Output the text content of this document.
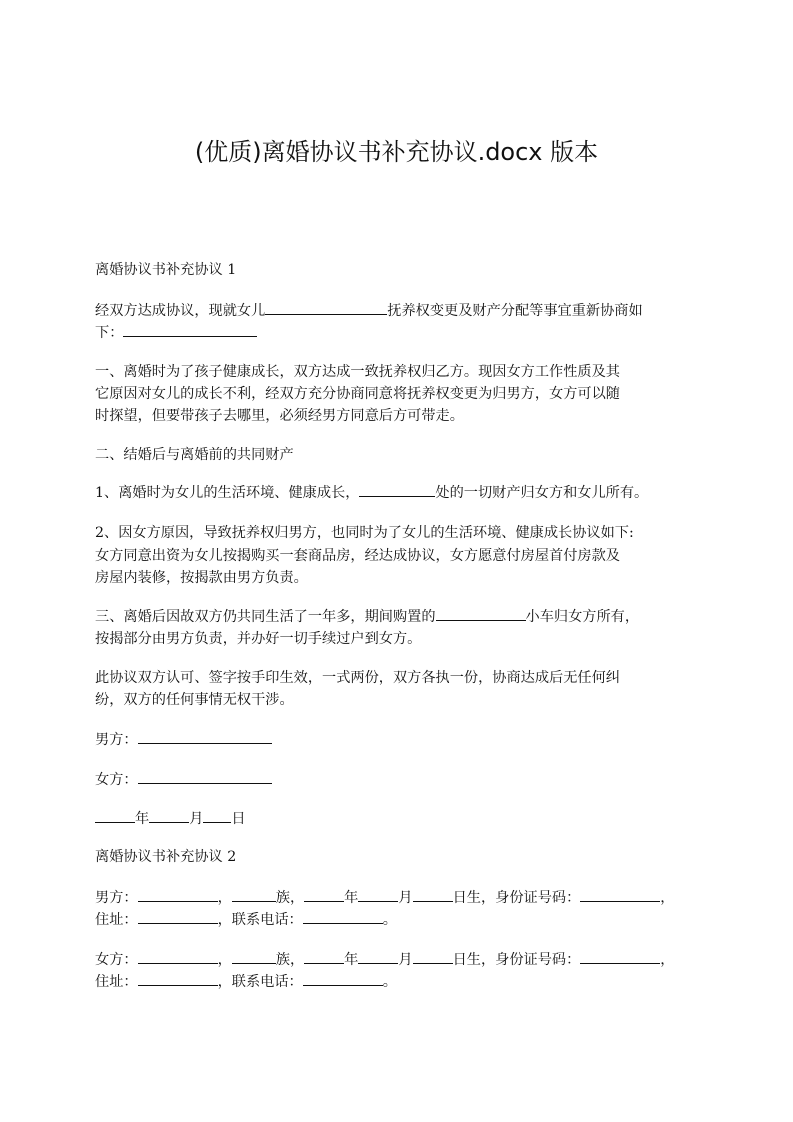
(优质)离婚协议书补充协议.docx 版本
离婚协议书补充协议 1
经双方达成协议，现就女儿	抚养权变更及财产分配等事宜重新协商如
下：
一、离婚时为了孩子健康成长，双方达成一致抚养权归乙方。现因女方工作性质及其
它原因对女儿的成长不利，经双方充分协商同意将抚养权变更为归男方，女方可以随
时探望，但要带孩子去哪里，必须经男方同意后方可带走。
二、结婚后与离婚前的共同财产
1、离婚时为女儿的生活环境、健康成长，	处的一切财产归女方和女儿所有。
2、因女方原因，导致抚养权归男方，也同时为了女儿的生活环境、健康成长协议如下:
女方同意出资为女儿按揭购买一套商品房，经达成协议，女方愿意付房屋首付房款及
房屋内装修，按揭款由男方负责。
三、离婚后因故双方仍共同生活了一年多，期间购置的	小车归女方所有，
按揭部分由男方负责，并办好一切手续过户到女方。
此协议双方认可、签字按手印生效，一式两份，双方各执一份，协商达成后无任何纠
纷，双方的任何事情无权干涉。
男方：
女方：
年	月 日
离婚协议书补充协议 2
男方：	，	族，	年	月	日生，身份证号码：	，
住址：	，联系电话：	。
女方：	，	族，	年	月	日生，身份证号码：	，
住址：	，联系电话：	。
